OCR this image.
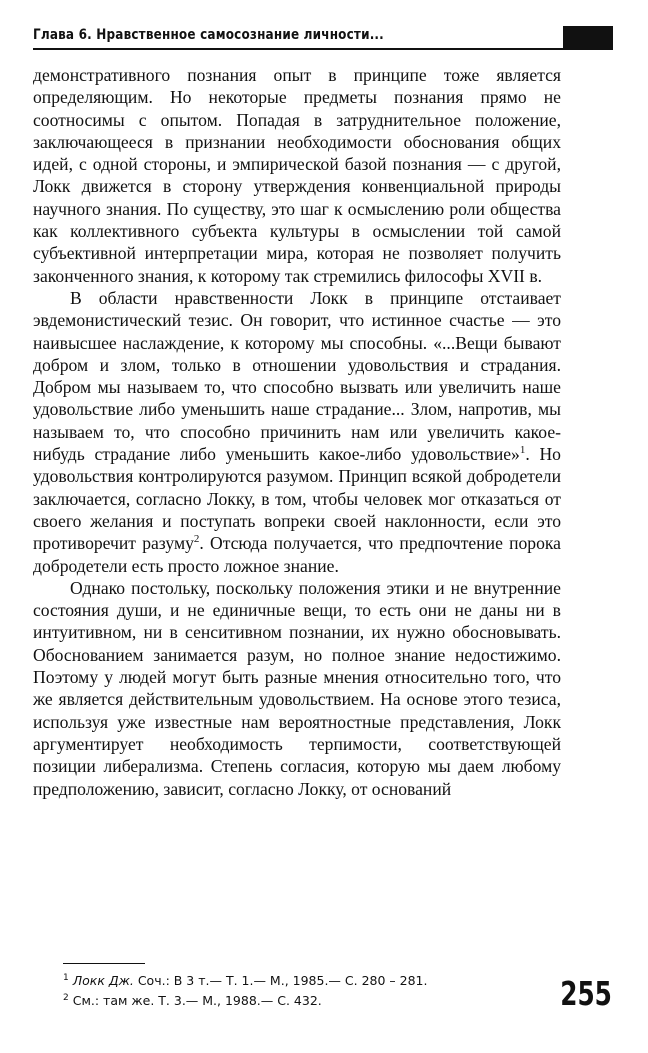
Глава 6. Нравственное самосознание личности...

демонстративного познания опыт в принципе тоже является определяющим. Но некоторые предметы познания прямо не соотносимы с опытом. Попадая в затруднительное положение, заключающееся в признании необходимости обоснования общих идей, с одной стороны, и эмпирической базой познания — с другой, Локк движется в сторону утверждения конвенциальной природы научного знания. По существу, это шаг к осмыслению роли общества как коллективного субъекта культуры в осмыслении той самой субъективной интерпретации мира, которая не позволяет получить законченного знания, к которому так стремились философы XVII в.

В области нравственности Локк в принципе отстаивает эвдемонистический тезис. Он говорит, что истинное счастье — это наивысшее наслаждение, к которому мы способны. «...Вещи бывают добром и злом, только в отношении удовольствия и страдания. Добром мы называем то, что способно вызвать или увеличить наше удовольствие либо уменьшить наше страдание... Злом, напротив, мы называем то, что способно причинить нам или увеличить какое-нибудь страдание либо уменьшить какое-либо удовольствие»$^1$. Но удовольствия контролируются разумом. Принцип всякой добродетели заключается, согласно Локку, в том, чтобы человек мог отказаться от своего желания и поступать вопреки своей наклонности, если это противоречит разуму$^2$. Отсюда получается, что предпочтение порока добродетели есть просто ложное знание.

Однако постольку, поскольку положения этики и не внутренние состояния души, и не единичные вещи, то есть они не даны ни в интуитивном, ни в сенситивном познании, их нужно обосновывать. Обоснованием занимается разум, но полное знание недостижимо. Поэтому у людей могут быть разные мнения относительно того, что же является действительным удовольствием. На основе этого тезиса, используя уже известные нам вероятностные представления, Локк аргументирует необходимость терпимости, соответствующей позиции либерализма. Степень согласия, которую мы даем любому предположению, зависит, согласно Локку, от оснований

$^1$ Локк Дж. Соч.: В 3 т.— Т. 1.— М., 1985.— С. 280 – 281.
$^2$ См.: там же. Т. 3.— М., 1988.— С. 432.	255
